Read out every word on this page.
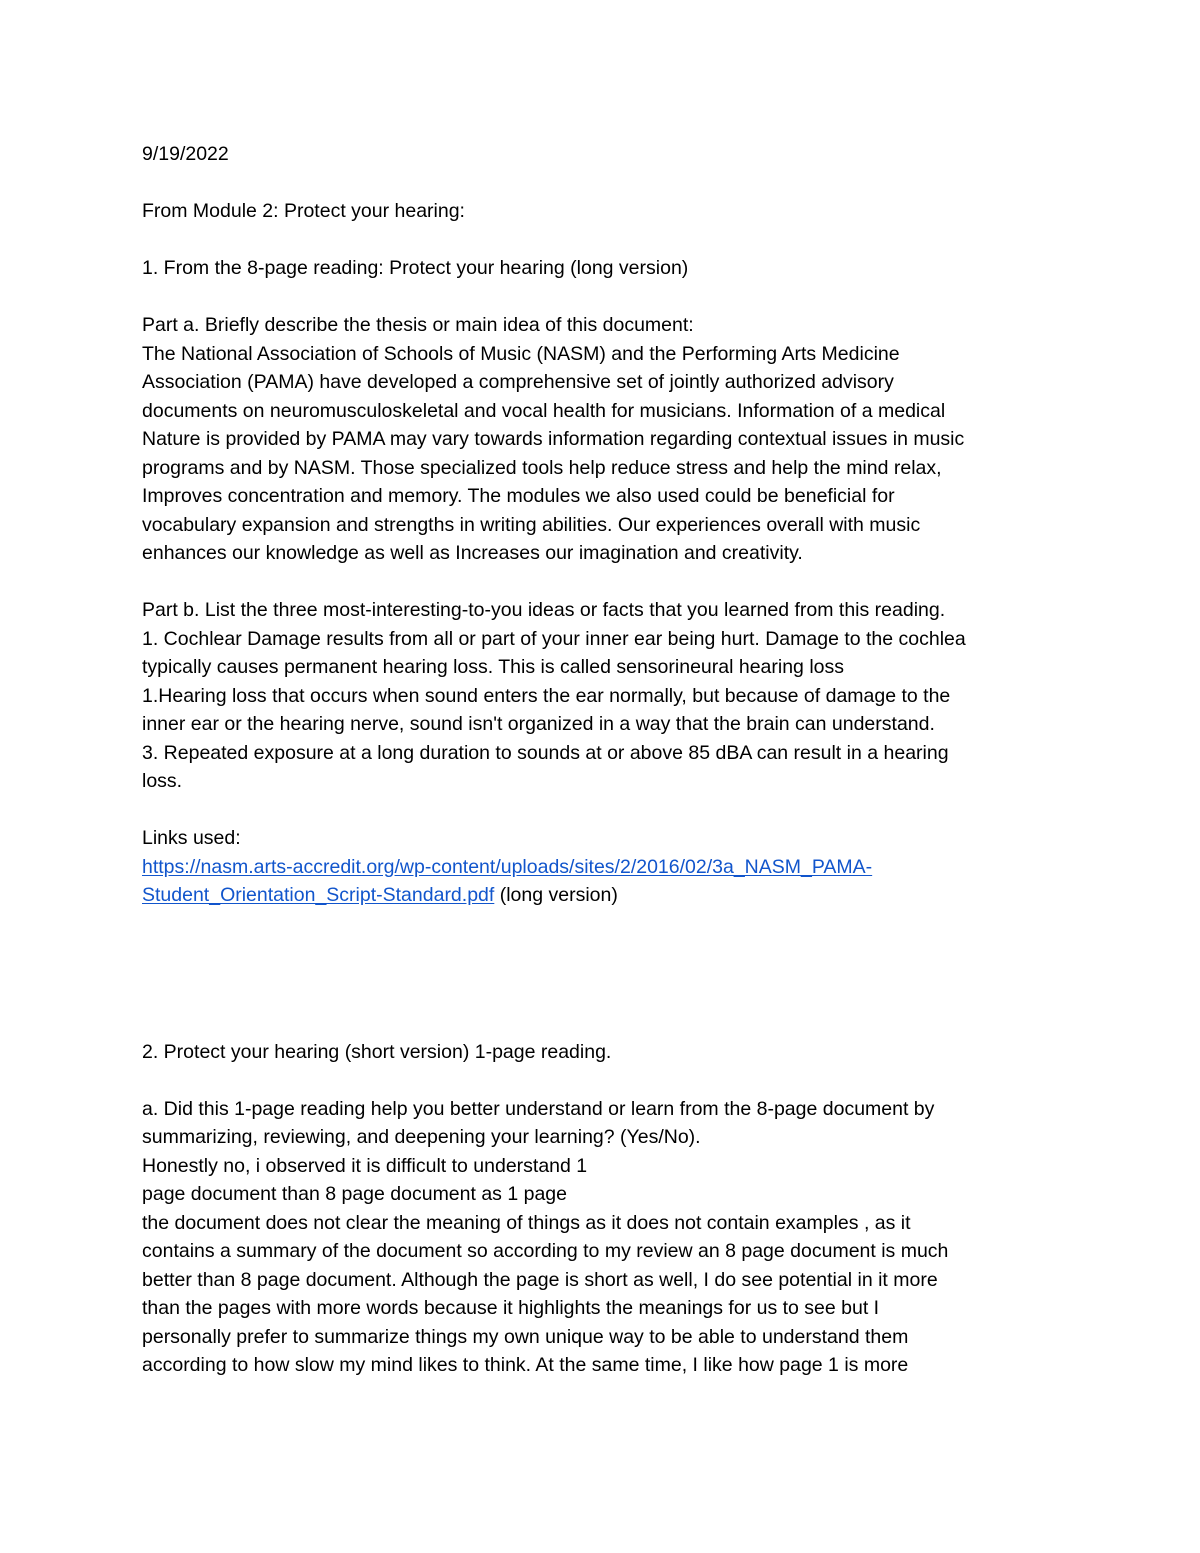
9/19/2022
From Module 2: Protect your hearing:
1. From the 8-page reading: Protect your hearing (long version)
Part a. Briefly describe the thesis or main idea of this document:
The National Association of Schools of Music (NASM) and the Performing Arts Medicine
Association (PAMA) have developed a comprehensive set of jointly authorized advisory
documents on neuromusculoskeletal and vocal health for musicians. Information of a medical
Nature is provided by PAMA may vary towards information regarding contextual issues in music
programs and by NASM. Those specialized tools help reduce stress and help the mind relax,
Improves concentration and memory. The modules we also used could be beneficial for
vocabulary expansion and strengths in writing abilities. Our experiences overall with music
enhances our knowledge as well as Increases our imagination and creativity.
Part b. List the three most-interesting-to-you ideas or facts that you learned from this reading.
1. Cochlear Damage results from all or part of your inner ear being hurt. Damage to the cochlea
typically causes permanent hearing loss. This is called sensorineural hearing loss
1.Hearing loss that occurs when sound enters the ear normally, but because of damage to the
inner ear or the hearing nerve, sound isn't organized in a way that the brain can understand.
3. Repeated exposure at a long duration to sounds at or above 85 dBA can result in a hearing
loss.
Links used:
https://nasm.arts-accredit.org/wp-content/uploads/sites/2/2016/02/3a_NASM_PAMA-
Student_Orientation_Script-Standard.pdf (long version)
2. Protect your hearing (short version) 1-page reading.
a. Did this 1-page reading help you better understand or learn from the 8-page document by
summarizing, reviewing, and deepening your learning? (Yes/No).
Honestly no, i observed it is difficult to understand 1
page document than 8 page document as 1 page
the document does not clear the meaning of things as it does not contain examples , as it
contains a summary of the document so according to my review an 8 page document is much
better than 8 page document. Although the page is short as well, I do see potential in it more
than the pages with more words because it highlights the meanings for us to see but I
personally prefer to summarize things my own unique way to be able to understand them
according to how slow my mind likes to think. At the same time, I like how page 1 is more
